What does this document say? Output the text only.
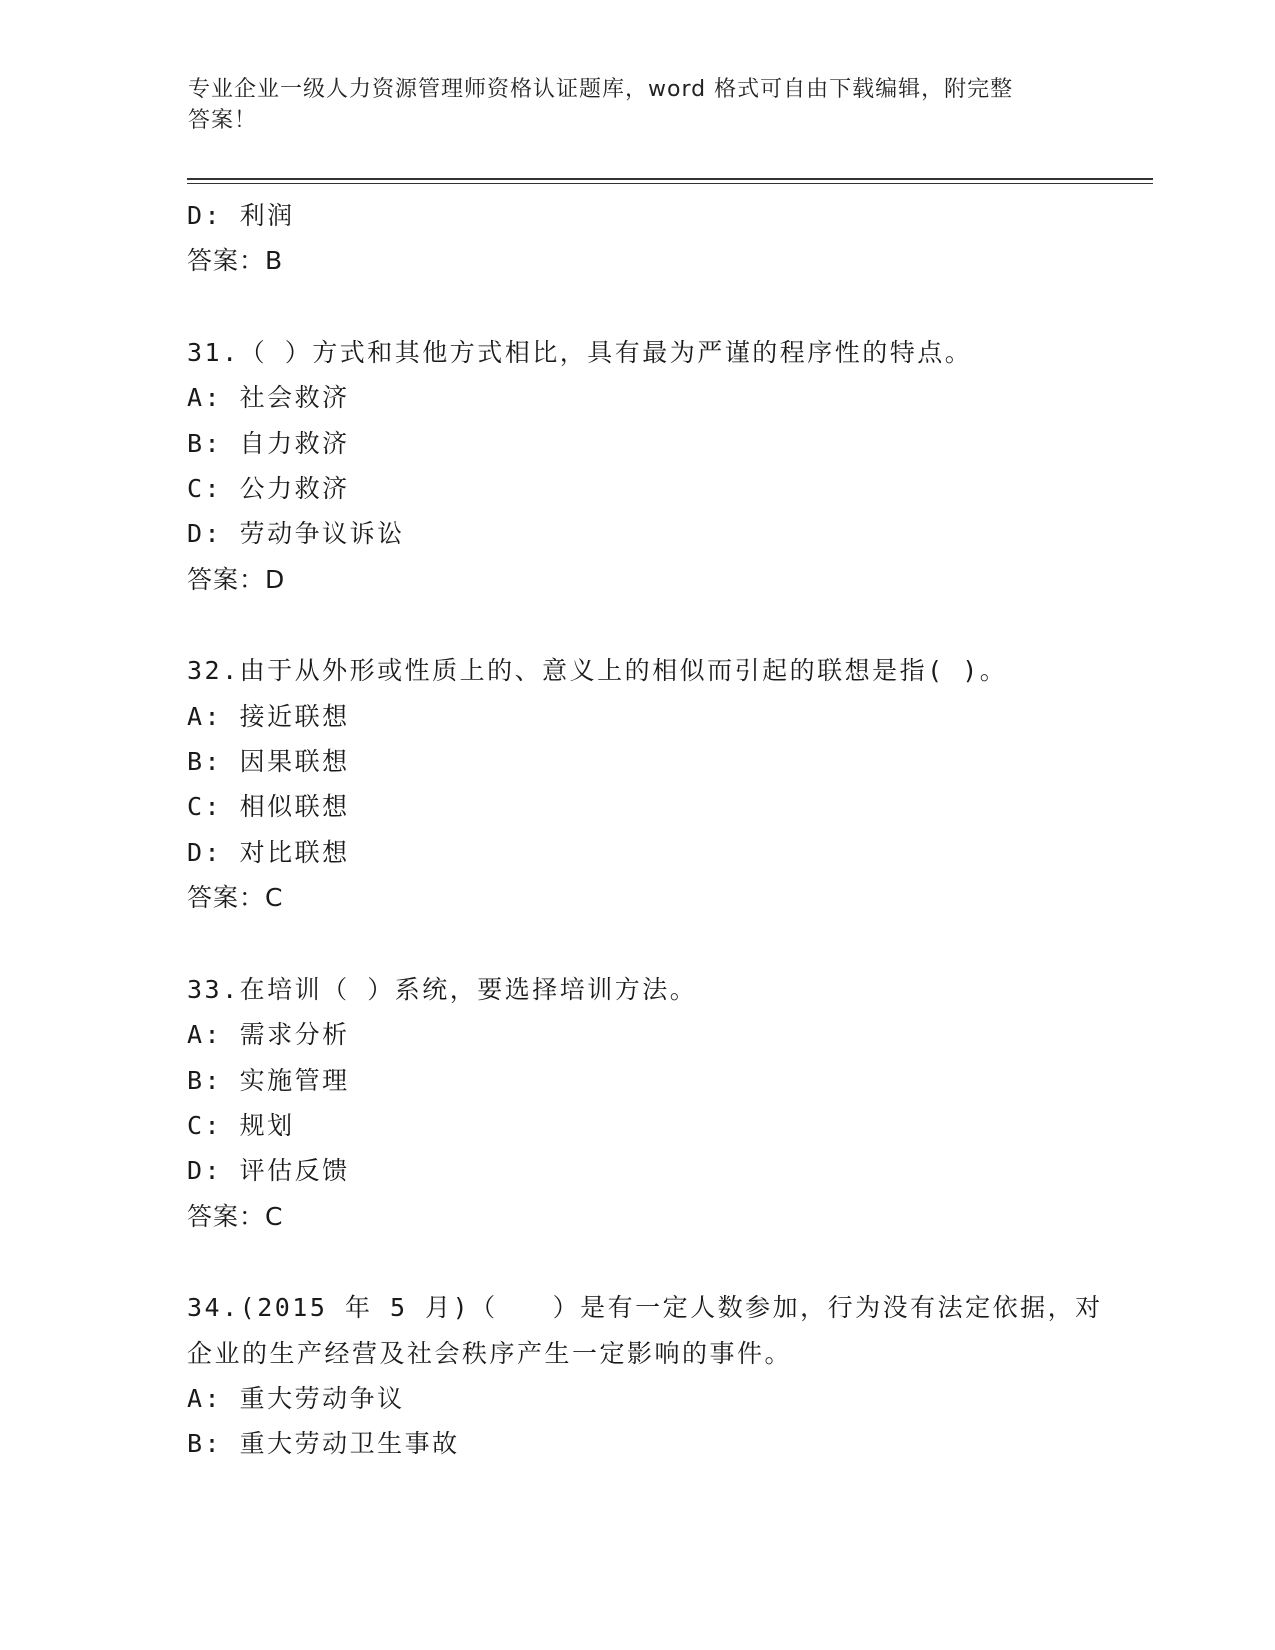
专业企业一级人力资源管理师资格认证题库，word 格式可自由下载编辑，附完整
答案！
D: 利润
答案：B
31.（ ）方式和其他方式相比，具有最为严谨的程序性的特点。
A: 社会救济
B: 自力救济
C: 公力救济
D: 劳动争议诉讼
答案：D
32.由于从外形或性质上的、意义上的相似而引起的联想是指( )。
A: 接近联想
B: 因果联想
C: 相似联想
D: 对比联想
答案：C
33.在培训（ ）系统，要选择培训方法。
A: 需求分析
B: 实施管理
C: 规划
D: 评估反馈
答案：C
34.(2015 年 5 月)（　　）是有一定人数参加，行为没有法定依据，对
企业的生产经营及社会秩序产生一定影响的事件。
A: 重大劳动争议
B: 重大劳动卫生事故
